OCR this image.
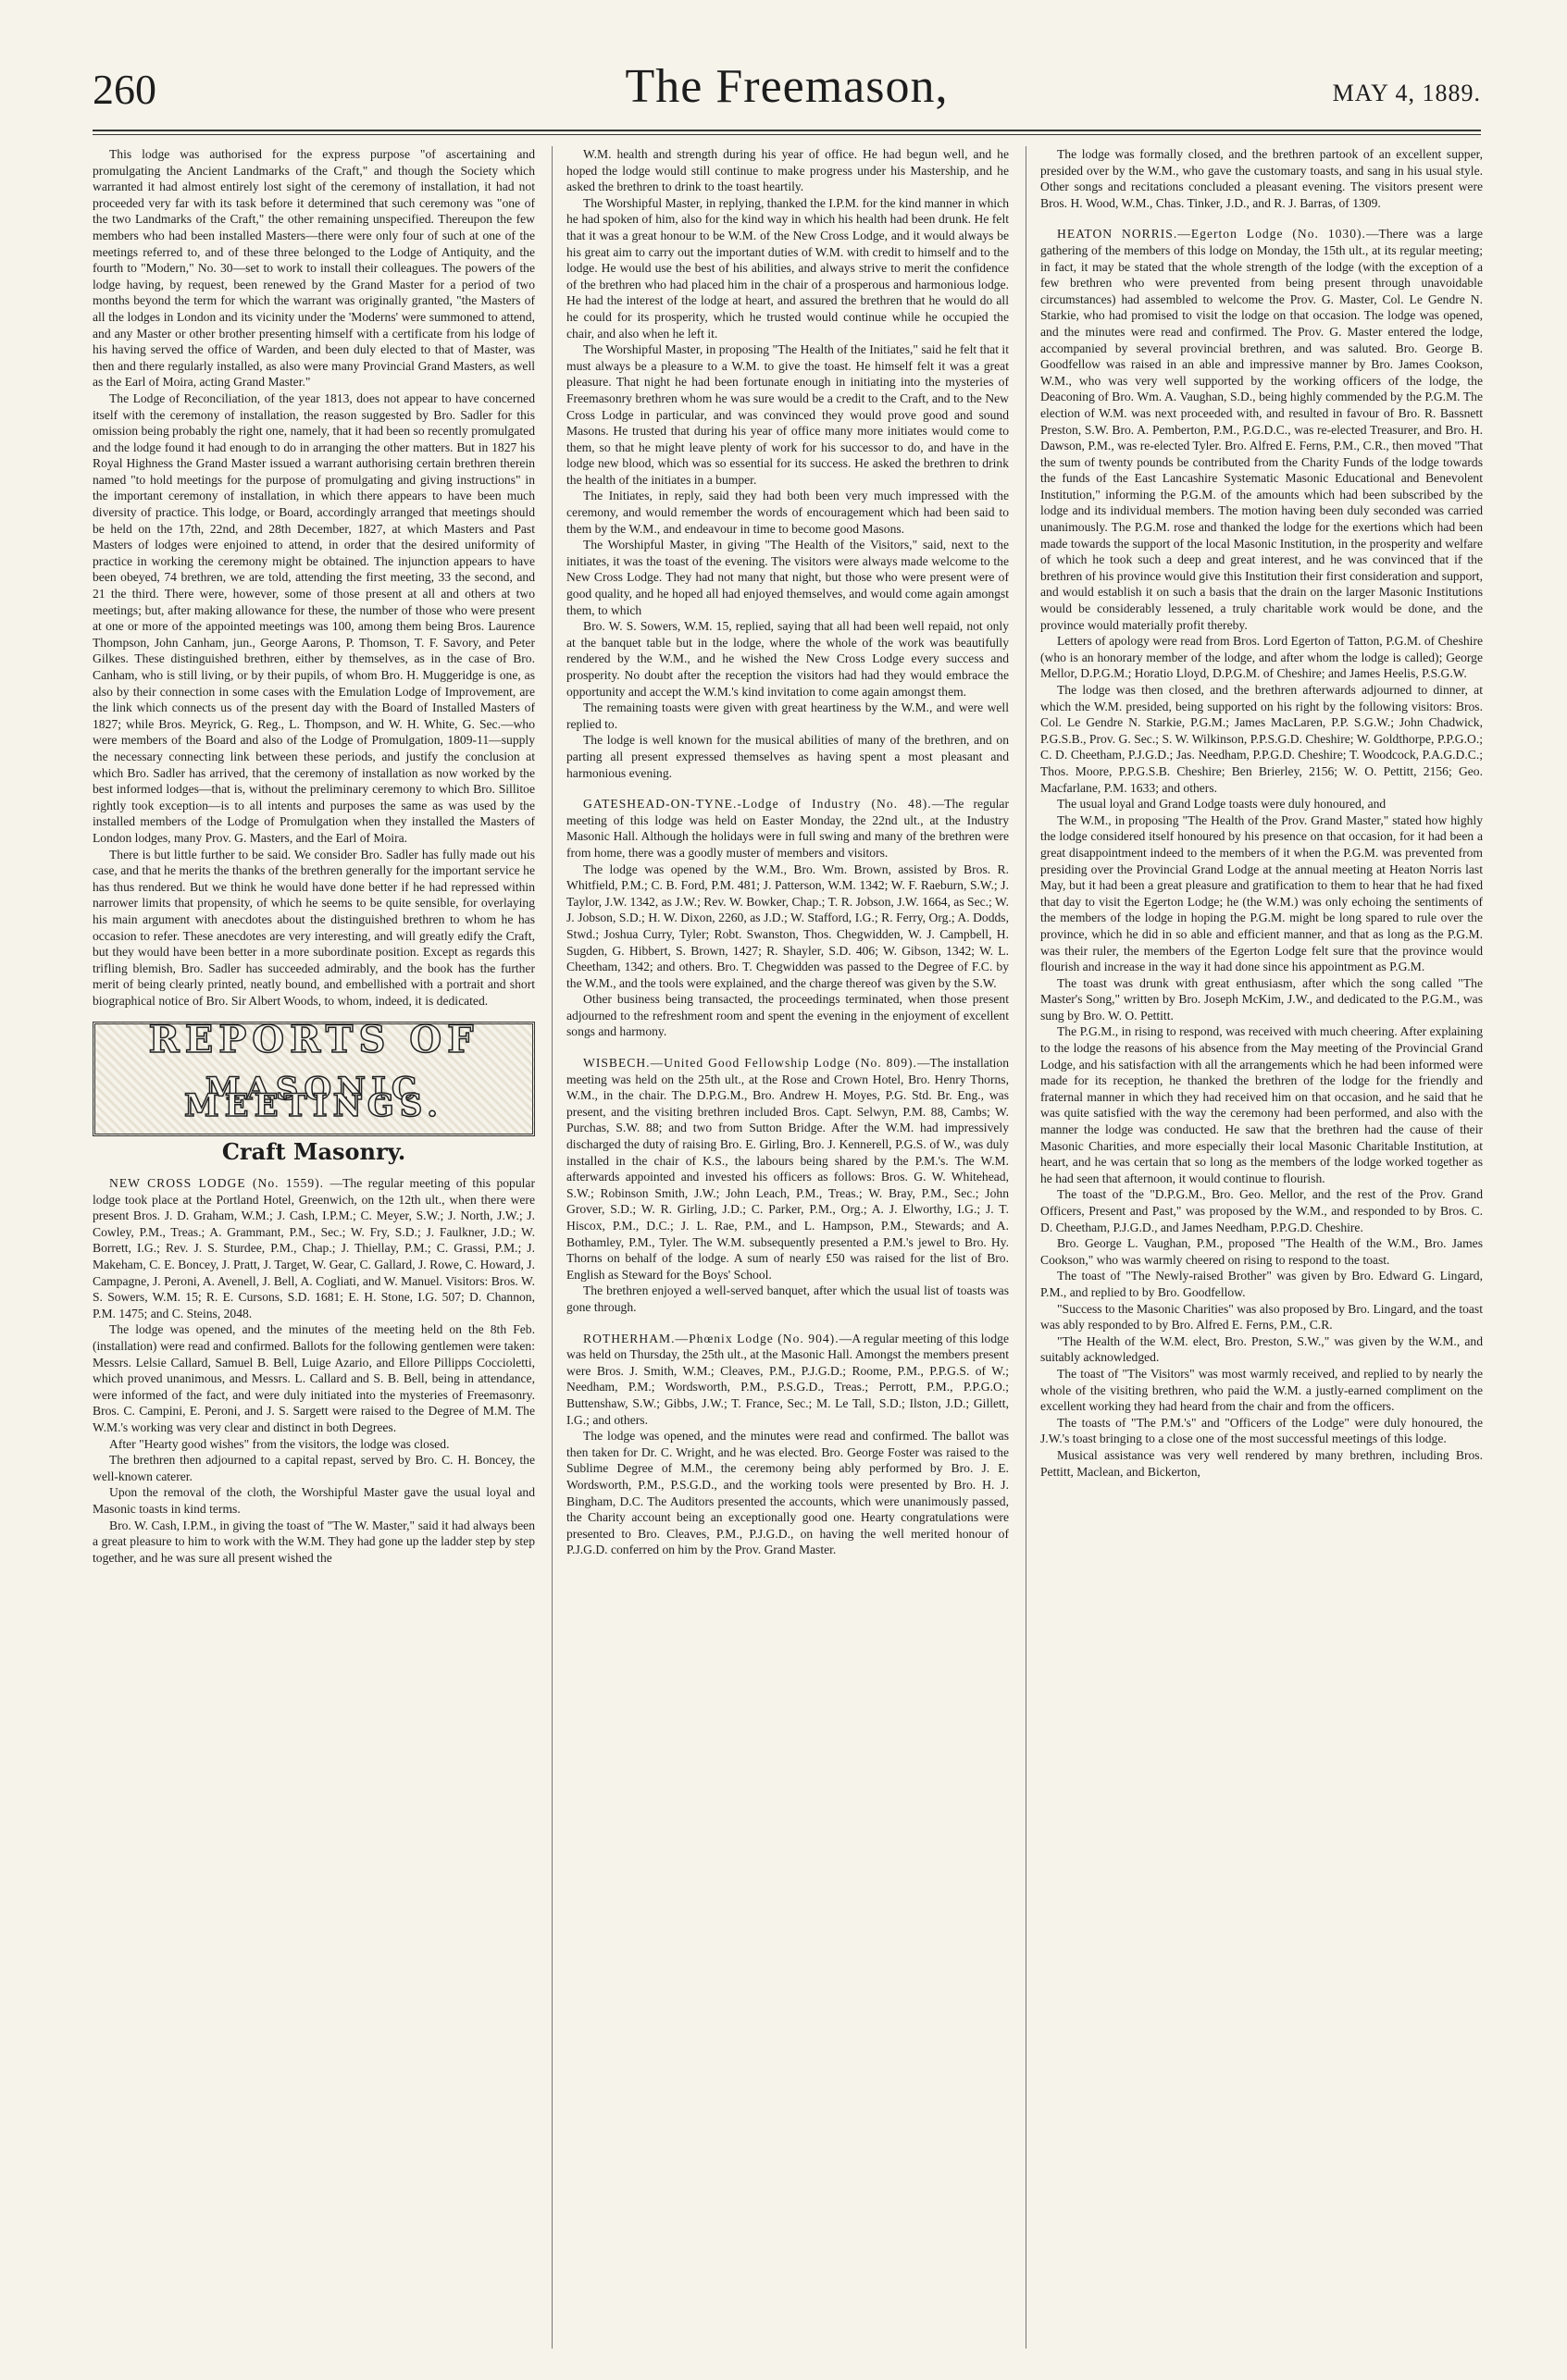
260	The Freemason,	MAY 4, 1889.

This lodge was authorised for the express purpose "of ascertaining and promulgating the Ancient Landmarks of the Craft," and though the Society which warranted it had almost entirely lost sight of the ceremony of installation, it had not proceeded very far with its task before it determined that such ceremony was "one of the two Landmarks of the Craft," the other remaining unspecified. Thereupon the few members who had been installed Masters—there were only four of such at one of the meetings referred to, and of these three belonged to the Lodge of Antiquity, and the fourth to "Modern," No. 30—set to work to install their colleagues. The powers of the lodge having, by request, been renewed by the Grand Master for a period of two months beyond the term for which the warrant was originally granted, "the Masters of all the lodges in London and its vicinity under the 'Moderns' were summoned to attend, and any Master or other brother presenting himself with a certificate from his lodge of his having served the office of Warden, and been duly elected to that of Master, was then and there regularly installed, as also were many Provincial Grand Masters, as well as the Earl of Moira, acting Grand Master."

The Lodge of Reconciliation, of the year 1813, does not appear to have concerned itself with the ceremony of installation, the reason suggested by Bro. Sadler for this omission being probably the right one, namely, that it had been so recently promulgated and the lodge found it had enough to do in arranging the other matters. But in 1827 his Royal Highness the Grand Master issued a warrant authorising certain brethren therein named "to hold meetings for the purpose of promulgating and giving instructions" in the important ceremony of installation, in which there appears to have been much diversity of practice. This lodge, or Board, accordingly arranged that meetings should be held on the 17th, 22nd, and 28th December, 1827, at which Masters and Past Masters of lodges were enjoined to attend, in order that the desired uniformity of practice in working the ceremony might be obtained. The injunction appears to have been obeyed, 74 brethren, we are told, attending the first meeting, 33 the second, and 21 the third. There were, however, some of those present at all and others at two meetings; but, after making allowance for these, the number of those who were present at one or more of the appointed meetings was 100, among them being Bros. Laurence Thompson, John Canham, jun., George Aarons, P. Thomson, T. F. Savory, and Peter Gilkes. These distinguished brethren, either by themselves, as in the case of Bro. Canham, who is still living, or by their pupils, of whom Bro. H. Muggeridge is one, as also by their connection in some cases with the Emulation Lodge of Improvement, are the link which connects us of the present day with the Board of Installed Masters of 1827; while Bros. Meyrick, G. Reg., L. Thompson, and W. H. White, G. Sec.—who were members of the Board and also of the Lodge of Promulgation, 1809-11—supply the necessary connecting link between these periods, and justify the conclusion at which Bro. Sadler has arrived, that the ceremony of installation as now worked by the best informed lodges—that is, without the preliminary ceremony to which Bro. Sillitoe rightly took exception—is to all intents and purposes the same as was used by the installed members of the Lodge of Promulgation when they installed the Masters of London lodges, many Prov. G. Masters, and the Earl of Moira.

There is but little further to be said. We consider Bro. Sadler has fully made out his case, and that he merits the thanks of the brethren generally for the important service he has thus rendered. But we think he would have done better if he had repressed within narrower limits that propensity, of which he seems to be quite sensible, for overlaying his main argument with anecdotes about the distinguished brethren to whom he has occasion to refer. These anecdotes are very interesting, and will greatly edify the Craft, but they would have been better in a more subordinate position. Except as regards this trifling blemish, Bro. Sadler has succeeded admirably, and the book has the further merit of being clearly printed, neatly bound, and embellished with a portrait and short biographical notice of Bro. Sir Albert Woods, to whom, indeed, it is dedicated.

REPORTS OF
MASONIC MEETINGS.
Craft Masonry.

NEW CROSS LODGE (No. 1559). —The regular meeting of this popular lodge took place at the Portland Hotel, Greenwich, on the 12th ult., when there were present Bros. J. D. Graham, W.M.; J. Cash, I.P.M.; C. Meyer, S.W.; J. North, J.W.; J. Cowley, P.M., Treas.; A. Grammant, P.M., Sec.; W. Fry, S.D.; J. Faulkner, J.D.; W. Borrett, I.G.; Rev. J. S. Sturdee, P.M., Chap.; J. Thiellay, P.M.; C. Grassi, P.M.; J. Makeham, C. E. Boncey, J. Pratt, J. Target, W. Gear, C. Gallard, J. Rowe, C. Howard, J. Campagne, J. Peroni, A. Avenell, J. Bell, A. Cogliati, and W. Manuel. Visitors: Bros. W. S. Sowers, W.M. 15; R. E. Cursons, S.D. 1681; E. H. Stone, I.G. 507; D. Channon, P.M. 1475; and C. Steins, 2048.

The lodge was opened, and the minutes of the meeting held on the 8th Feb. (installation) were read and confirmed. Ballots for the following gentlemen were taken: Messrs. Lelsie Callard, Samuel B. Bell, Luige Azario, and Ellore Pillipps Coccioletti, which proved unanimous, and Messrs. L. Callard and S. B. Bell, being in attendance, were informed of the fact, and were duly initiated into the mysteries of Freemasonry. Bros. C. Campini, E. Peroni, and J. S. Sargett were raised to the Degree of M.M. The W.M.'s working was very clear and distinct in both Degrees.

After "Hearty good wishes" from the visitors, the lodge was closed.

The brethren then adjourned to a capital repast, served by Bro. C. H. Boncey, the well-known caterer.

Upon the removal of the cloth, the Worshipful Master gave the usual loyal and Masonic toasts in kind terms.

Bro. W. Cash, I.P.M., in giving the toast of "The W. Master," said it had always been a great pleasure to him to work with the W.M. They had gone up the ladder step by step together, and he was sure all present wished the

W.M. health and strength during his year of office. He had begun well, and he hoped the lodge would still continue to make progress under his Mastership, and he asked the brethren to drink to the toast heartily.

The Worshipful Master, in replying, thanked the I.P.M. for the kind manner in which he had spoken of him, also for the kind way in which his health had been drunk. He felt that it was a great honour to be W.M. of the New Cross Lodge, and it would always be his great aim to carry out the important duties of W.M. with credit to himself and to the lodge. He would use the best of his abilities, and always strive to merit the confidence of the brethren who had placed him in the chair of a prosperous and harmonious lodge. He had the interest of the lodge at heart, and assured the brethren that he would do all he could for its prosperity, which he trusted would continue while he occupied the chair, and also when he left it.

The Worshipful Master, in proposing "The Health of the Initiates," said he felt that it must always be a pleasure to a W.M. to give the toast. He himself felt it was a great pleasure. That night he had been fortunate enough in initiating into the mysteries of Freemasonry brethren whom he was sure would be a credit to the Craft, and to the New Cross Lodge in particular, and was convinced they would prove good and sound Masons. He trusted that during his year of office many more initiates would come to them, so that he might leave plenty of work for his successor to do, and have in the lodge new blood, which was so essential for its success. He asked the brethren to drink the health of the initiates in a bumper.

The Initiates, in reply, said they had both been very much impressed with the ceremony, and would remember the words of encouragement which had been said to them by the W.M., and endeavour in time to become good Masons.

The Worshipful Master, in giving "The Health of the Visitors," said, next to the initiates, it was the toast of the evening. The visitors were always made welcome to the New Cross Lodge. They had not many that night, but those who were present were of good quality, and he hoped all had enjoyed themselves, and would come again amongst them, to which

Bro. W. S. Sowers, W.M. 15, replied, saying that all had been well repaid, not only at the banquet table but in the lodge, where the whole of the work was beautifully rendered by the W.M., and he wished the New Cross Lodge every success and prosperity. No doubt after the reception the visitors had had they would embrace the opportunity and accept the W.M.'s kind invitation to come again amongst them.

The remaining toasts were given with great heartiness by the W.M., and were well replied to.

The lodge is well known for the musical abilities of many of the brethren, and on parting all present expressed themselves as having spent a most pleasant and harmonious evening.

GATESHEAD-ON-TYNE.-Lodge of Industry (No. 48).—The regular meeting of this lodge was held on Easter Monday, the 22nd ult., at the Industry Masonic Hall. Although the holidays were in full swing and many of the brethren were from home, there was a goodly muster of members and visitors.

The lodge was opened by the W.M., Bro. Wm. Brown, assisted by Bros. R. Whitfield, P.M.; C. B. Ford, P.M. 481; J. Patterson, W.M. 1342; W. F. Raeburn, S.W.; J. Taylor, J.W. 1342, as J.W.; Rev. W. Bowker, Chap.; T. R. Jobson, J.W. 1664, as Sec.; W. J. Jobson, S.D.; H. W. Dixon, 2260, as J.D.; W. Stafford, I.G.; R. Ferry, Org.; A. Dodds, Stwd.; Joshua Curry, Tyler; Robt. Swanston, Thos. Chegwidden, W. J. Campbell, H. Sugden, G. Hibbert, S. Brown, 1427; R. Shayler, S.D. 406; W. Gibson, 1342; W. L. Cheetham, 1342; and others. Bro. T. Chegwidden was passed to the Degree of F.C. by the W.M., and the tools were explained, and the charge thereof was given by the S.W.

Other business being transacted, the proceedings terminated, when those present adjourned to the refreshment room and spent the evening in the enjoyment of excellent songs and harmony.

WISBECH.—United Good Fellowship Lodge (No. 809).—The installation meeting was held on the 25th ult., at the Rose and Crown Hotel, Bro. Henry Thorns, W.M., in the chair. The D.P.G.M., Bro. Andrew H. Moyes, P.G. Std. Br. Eng., was present, and the visiting brethren included Bros. Capt. Selwyn, P.M. 88, Cambs; W. Purchas, S.W. 88; and two from Sutton Bridge. After the W.M. had impressively discharged the duty of raising Bro. E. Girling, Bro. J. Kennerell, P.G.S. of W., was duly installed in the chair of K.S., the labours being shared by the P.M.'s. The W.M. afterwards appointed and invested his officers as follows: Bros. G. W. Whitehead, S.W.; Robinson Smith, J.W.; John Leach, P.M., Treas.; W. Bray, P.M., Sec.; John Grover, S.D.; W. R. Girling, J.D.; C. Parker, P.M., Org.; A. J. Elworthy, I.G.; J. T. Hiscox, P.M., D.C.; J. L. Rae, P.M., and L. Hampson, P.M., Stewards; and A. Bothamley, P.M., Tyler. The W.M. subsequently presented a P.M.'s jewel to Bro. Hy. Thorns on behalf of the lodge. A sum of nearly £50 was raised for the list of Bro. English as Steward for the Boys' School.

The brethren enjoyed a well-served banquet, after which the usual list of toasts was gone through.

ROTHERHAM.—Phœnix Lodge (No. 904).—A regular meeting of this lodge was held on Thursday, the 25th ult., at the Masonic Hall. Amongst the members present were Bros. J. Smith, W.M.; Cleaves, P.M., P.J.G.D.; Roome, P.M., P.P.G.S. of W.; Needham, P.M.; Wordsworth, P.M., P.S.G.D., Treas.; Perrott, P.M., P.P.G.O.; Buttenshaw, S.W.; Gibbs, J.W.; T. France, Sec.; M. Le Tall, S.D.; Ilston, J.D.; Gillett, I.G.; and others.

The lodge was opened, and the minutes were read and confirmed. The ballot was then taken for Dr. C. Wright, and he was elected. Bro. George Foster was raised to the Sublime Degree of M.M., the ceremony being ably performed by Bro. J. E. Wordsworth, P.M., P.S.G.D., and the working tools were presented by Bro. H. J. Bingham, D.C. The Auditors presented the accounts, which were unanimously passed, the Charity account being an exceptionally good one. Hearty congratulations were presented to Bro. Cleaves, P.M., P.J.G.D., on having the well merited honour of P.J.G.D. conferred on him by the Prov. Grand Master.

The lodge was formally closed, and the brethren partook of an excellent supper, presided over by the W.M., who gave the customary toasts, and sang in his usual style. Other songs and recitations concluded a pleasant evening. The visitors present were Bros. H. Wood, W.M., Chas. Tinker, J.D., and R. J. Barras, of 1309.

HEATON NORRIS.—Egerton Lodge (No. 1030).—There was a large gathering of the members of this lodge on Monday, the 15th ult., at its regular meeting; in fact, it may be stated that the whole strength of the lodge (with the exception of a few brethren who were prevented from being present through unavoidable circumstances) had assembled to welcome the Prov. G. Master, Col. Le Gendre N. Starkie, who had promised to visit the lodge on that occasion. The lodge was opened, and the minutes were read and confirmed. The Prov. G. Master entered the lodge, accompanied by several provincial brethren, and was saluted. Bro. George B. Goodfellow was raised in an able and impressive manner by Bro. James Cookson, W.M., who was very well supported by the working officers of the lodge, the Deaconing of Bro. Wm. A. Vaughan, S.D., being highly commended by the P.G.M. The election of W.M. was next proceeded with, and resulted in favour of Bro. R. Bassnett Preston, S.W. Bro. A. Pemberton, P.M., P.G.D.C., was re-elected Treasurer, and Bro. H. Dawson, P.M., was re-elected Tyler. Bro. Alfred E. Ferns, P.M., C.R., then moved "That the sum of twenty pounds be contributed from the Charity Funds of the lodge towards the funds of the East Lancashire Systematic Masonic Educational and Benevolent Institution," informing the P.G.M. of the amounts which had been subscribed by the lodge and its individual members. The motion having been duly seconded was carried unanimously. The P.G.M. rose and thanked the lodge for the exertions which had been made towards the support of the local Masonic Institution, in the prosperity and welfare of which he took such a deep and great interest, and he was convinced that if the brethren of his province would give this Institution their first consideration and support, and would establish it on such a basis that the drain on the larger Masonic Institutions would be considerably lessened, a truly charitable work would be done, and the province would materially profit thereby.

Letters of apology were read from Bros. Lord Egerton of Tatton, P.G.M. of Cheshire (who is an honorary member of the lodge, and after whom the lodge is called); George Mellor, D.P.G.M.; Horatio Lloyd, D.P.G.M. of Cheshire; and James Heelis, P.S.G.W.

The lodge was then closed, and the brethren afterwards adjourned to dinner, at which the W.M. presided, being supported on his right by the following visitors: Bros. Col. Le Gendre N. Starkie, P.G.M.; James MacLaren, P.P. S.G.W.; John Chadwick, P.G.S.B., Prov. G. Sec.; S. W. Wilkinson, P.P.S.G.D. Cheshire; W. Goldthorpe, P.P.G.O.; C. D. Cheetham, P.J.G.D.; Jas. Needham, P.P.G.D. Cheshire; T. Woodcock, P.A.G.D.C.; Thos. Moore, P.P.G.S.B. Cheshire; Ben Brierley, 2156; W. O. Pettitt, 2156; Geo. Macfarlane, P.M. 1633; and others.

The usual loyal and Grand Lodge toasts were duly honoured, and

The W.M., in proposing "The Health of the Prov. Grand Master," stated how highly the lodge considered itself honoured by his presence on that occasion, for it had been a great disappointment indeed to the members of it when the P.G.M. was prevented from presiding over the Provincial Grand Lodge at the annual meeting at Heaton Norris last May, but it had been a great pleasure and gratification to them to hear that he had fixed that day to visit the Egerton Lodge; he (the W.M.) was only echoing the sentiments of the members of the lodge in hoping the P.G.M. might be long spared to rule over the province, which he did in so able and efficient manner, and that as long as the P.G.M. was their ruler, the members of the Egerton Lodge felt sure that the province would flourish and increase in the way it had done since his appointment as P.G.M.

The toast was drunk with great enthusiasm, after which the song called "The Master's Song," written by Bro. Joseph McKim, J.W., and dedicated to the P.G.M., was sung by Bro. W. O. Pettitt.

The P.G.M., in rising to respond, was received with much cheering. After explaining to the lodge the reasons of his absence from the May meeting of the Provincial Grand Lodge, and his satisfaction with all the arrangements which he had been informed were made for its reception, he thanked the brethren of the lodge for the friendly and fraternal manner in which they had received him on that occasion, and he said that he was quite satisfied with the way the ceremony had been performed, and also with the manner the lodge was conducted. He saw that the brethren had the cause of their Masonic Charities, and more especially their local Masonic Charitable Institution, at heart, and he was certain that so long as the members of the lodge worked together as he had seen that afternoon, it would continue to flourish.

The toast of the "D.P.G.M., Bro. Geo. Mellor, and the rest of the Prov. Grand Officers, Present and Past," was proposed by the W.M., and responded to by Bros. C. D. Cheetham, P.J.G.D., and James Needham, P.P.G.D. Cheshire.

Bro. George L. Vaughan, P.M., proposed "The Health of the W.M., Bro. James Cookson," who was warmly cheered on rising to respond to the toast.

The toast of "The Newly-raised Brother" was given by Bro. Edward G. Lingard, P.M., and replied to by Bro. Goodfellow.

"Success to the Masonic Charities" was also proposed by Bro. Lingard, and the toast was ably responded to by Bro. Alfred E. Ferns, P.M., C.R.

"The Health of the W.M. elect, Bro. Preston, S.W.," was given by the W.M., and suitably acknowledged.

The toast of "The Visitors" was most warmly received, and replied to by nearly the whole of the visiting brethren, who paid the W.M. a justly-earned compliment on the excellent working they had heard from the chair and from the officers.

The toasts of "The P.M.'s" and "Officers of the Lodge" were duly honoured, the J.W.'s toast bringing to a close one of the most successful meetings of this lodge.

Musical assistance was very well rendered by many brethren, including Bros. Pettitt, Maclean, and Bickerton,
